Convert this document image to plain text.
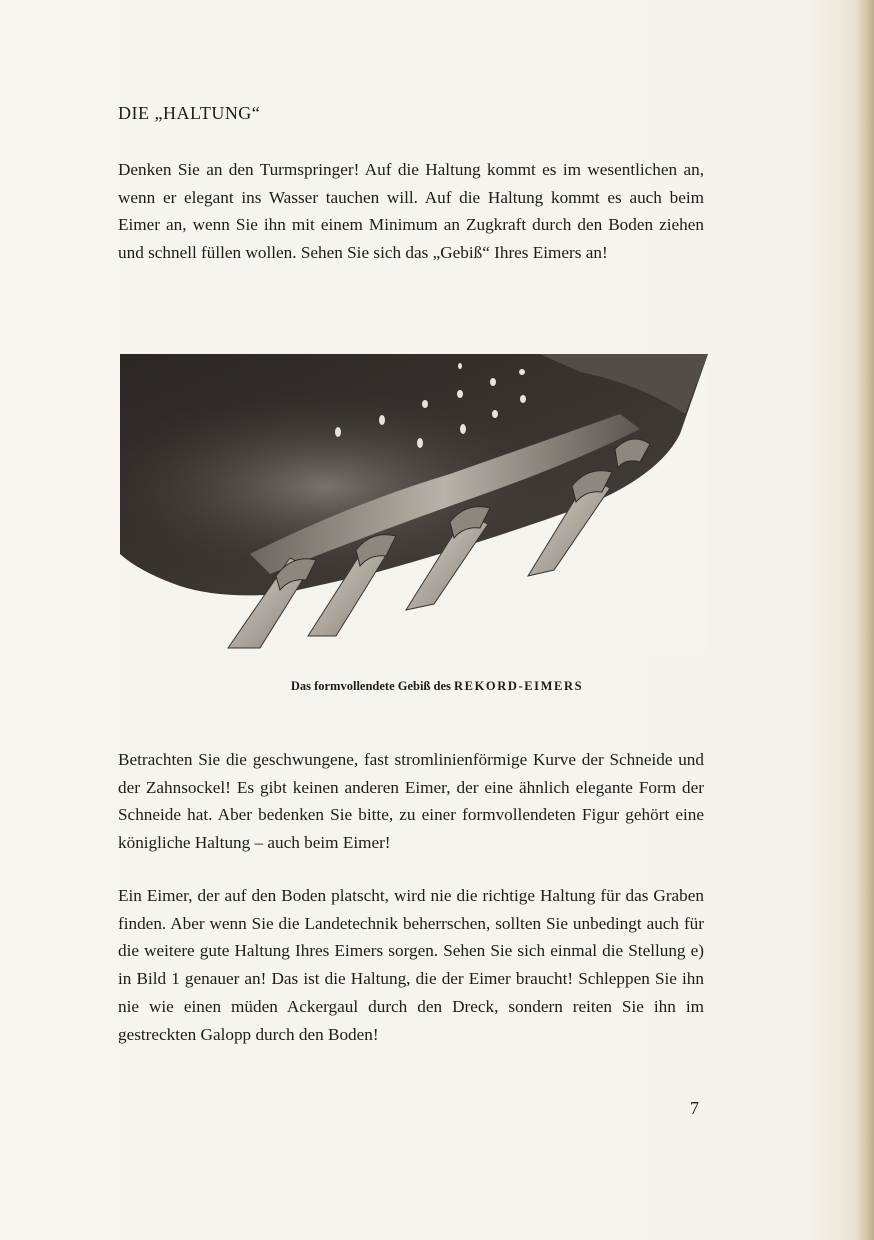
DIE „HALTUNG“

Denken Sie an den Turmspringer! Auf die Haltung kommt es im wesentlichen an, wenn er elegant ins Wasser tauchen will. Auf die Haltung kommt es auch beim Eimer an, wenn Sie ihn mit einem Minimum an Zugkraft durch den Boden ziehen und schnell füllen wollen. Sehen Sie sich das „Gebiß“ Ihres Eimers an!

Das formvollendete Gebiß des REKORD-EIMERS

Betrachten Sie die geschwungene, fast stromlinienförmige Kurve der Schneide und der Zahnsockel! Es gibt keinen anderen Eimer, der eine ähnlich elegante Form der Schneide hat. Aber bedenken Sie bitte, zu einer formvollendeten Figur gehört eine königliche Haltung – auch beim Eimer!

Ein Eimer, der auf den Boden platscht, wird nie die richtige Haltung für das Graben finden. Aber wenn Sie die Landetechnik beherrschen, sollten Sie unbedingt auch für die weitere gute Haltung Ihres Eimers sorgen. Sehen Sie sich einmal die Stellung e) in Bild 1 genauer an! Das ist die Haltung, die der Eimer braucht! Schleppen Sie ihn nie wie einen müden Ackergaul durch den Dreck, sondern reiten Sie ihn im gestreckten Galopp durch den Boden!

7
